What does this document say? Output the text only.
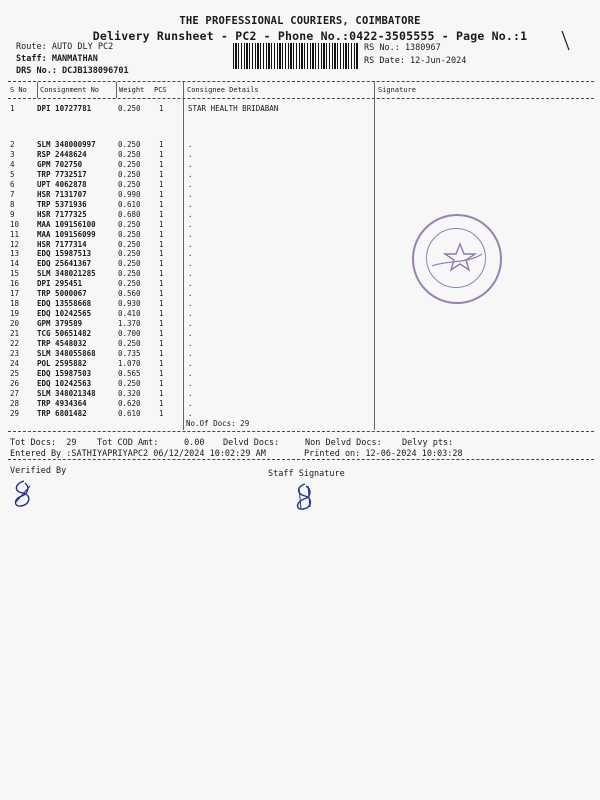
THE PROFESSIONAL COURIERS, COIMBATORE
Delivery Runsheet - PC2 - Phone No.:0422-3505555 - Page No.:1
Route: AUTO DLY PC2
Staff: MANMATHAN
DRS No.: DCJB138096701
RS No.: 1380967
RS Date: 12-Jun-2024
S No Consignment No	Weight PCS	Consignee Details	Signature
1	DPI 10727781	0.250 1	STAR HEALTH BRIDABAN
2	SLM 348000997	0.250 1	.
3	RSP 2448624	0.250 1	.
4	GPM 702750	0.250 1	.
5	TRP 7732517	0.250 1	.
6	UPT 4062878	0.250 1	.
7	HSR 7131707	0.990 1	.
8	TRP 5371936	0.610 1	.
9	HSR 7177325	0.680 1	.
10 MAA 109156100	0.250 1	.
11 MAA 109156099	0.250 1	.
12 HSR 7177314	0.250 1	.
13 EDQ 15987513	0.250 1	.
14 EDQ 25641367	0.250 1	.
15 SLM 348021285	0.250 1	.
16 DPI 295451	0.250 1	.
17 TRP 5000067	0.560 1	.
18 EDQ 13558668	0.930 1	.
19 EDQ 10242565	0.410 1	.
20 GPM 379589	1.370 1	.
21 TCG 50651482	0.700 1	.
22 TRP 4548032	0.250 1	.
23 SLM 348055868	0.735 1	.
24 POL 2595882	1.070 1	.
25 EDQ 15987503	0.565 1	.
26 EDQ 10242563	0.250 1	.
27 SLM 348021348	0.320 1	.
28 TRP 4934364	0.620 1	.
29 TRP 6801482	0.610 1	.
No.Of Docs: 29
Tot Docs:  29 Tot COD Amt:     0.00 Delvd Docs:	Non Delvd Docs: Delvy pts:
Entered By :SATHIYAPRIYAPC2 06/12/2024 10:02:29 AM	Printed on: 12-06-2024 10:03:28
Verified By	Staff Signature
